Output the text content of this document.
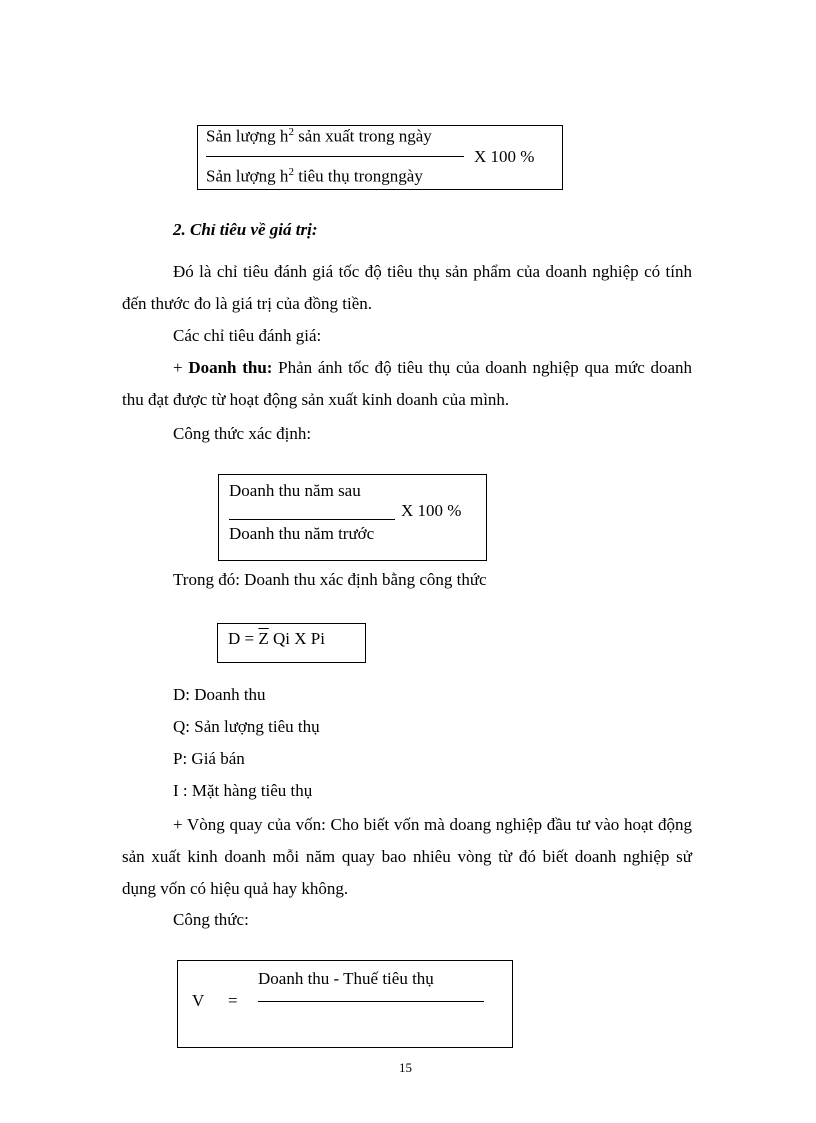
Sản lượng $h^2$ sản xuất trong ngày
X 100 %
Sản lượng $h^2$ tiêu thụ trongngày
2. Chỉ tiêu về giá trị:
Đó là chỉ tiêu đánh giá tốc độ tiêu thụ sản phẩm của doanh nghiệp có tính đến thước đo là giá trị của đồng tiền.
Các chỉ tiêu đánh giá:
+ Doanh thu: Phản ánh tốc độ tiêu thụ của doanh nghiệp qua mức doanh thu đạt được từ hoạt động sản xuất kinh doanh của mình.
Công thức xác định:
Doanh thu năm sau
X 100 %
Doanh thu năm trước
Trong đó: Doanh thu xác định bằng công thức
$D = \overline{Z}$ Qi X Pi
D: Doanh thu
Q: Sản lượng tiêu thụ
P: Giá bán
I : Mặt hàng tiêu thụ
+ Vòng quay của vốn: Cho biết vốn mà doang nghiệp đầu tư vào hoạt động sản xuất kinh doanh mỗi năm quay bao nhiêu vòng từ đó biết doanh nghiệp sử dụng vốn có hiệu quả hay không.
Công thức:
V =
Doanh thu - Thuế tiêu thụ
15
